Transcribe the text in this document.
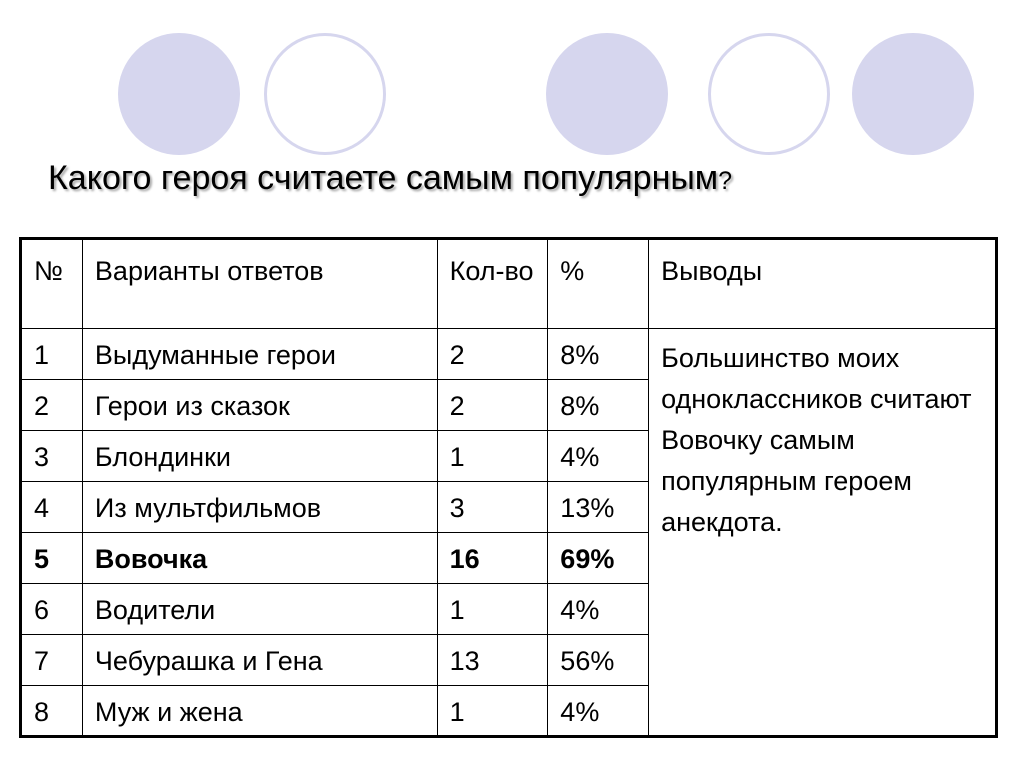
Какого героя считаете самым популярным?
№	Варианты ответов	Кол-во	%	Выводы
1	Выдуманные герои	2	8%	Большинство моих одноклассников считают Вовочку самым популярным героем анекдота.
2	Герои из сказок	2	8%	
3	Блондинки	1	4%	
4	Из мультфильмов	3	13%	
5	Вовочка	16	69%	
6	Водители	1	4%	
7	Чебурашка и Гена	13	56%	
8	Муж и жена	1	4%	
